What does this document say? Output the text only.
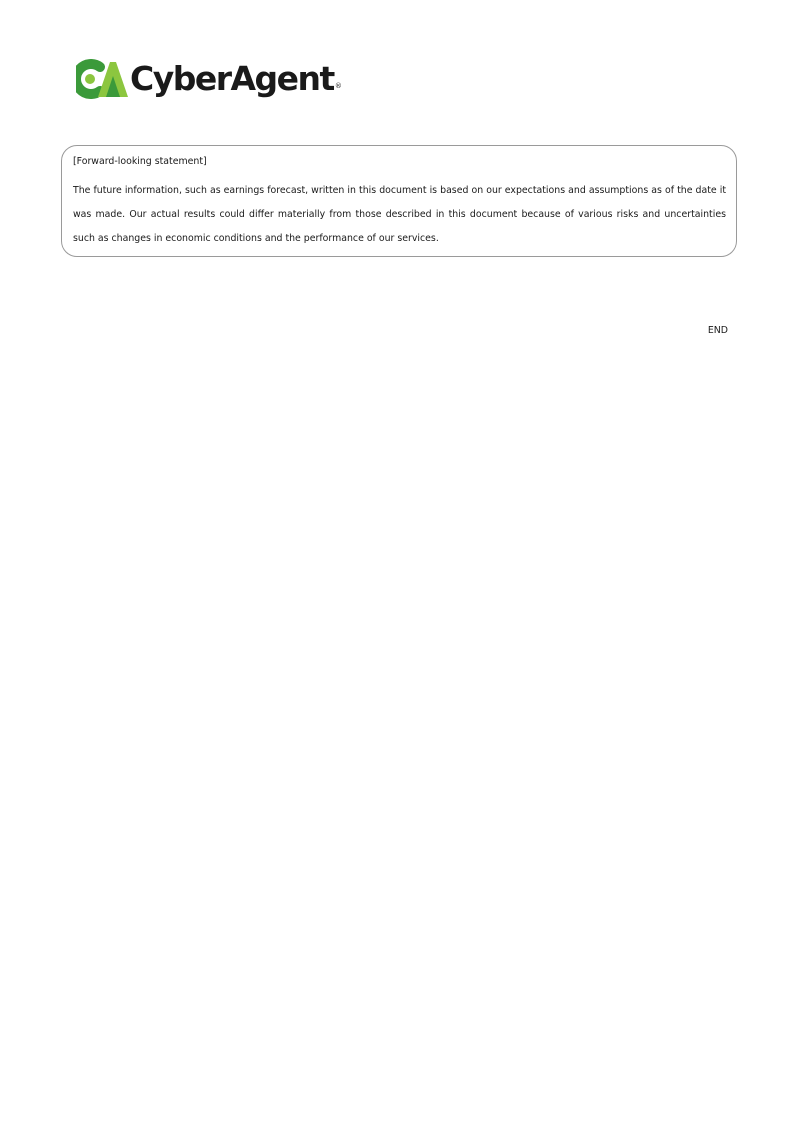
CyberAgent ®

[Forward-looking statement]

The future information, such as earnings forecast, written in this document is based on our expectations and assumptions as of the date it was made. Our actual results could differ materially from those described in this document because of various risks and uncertainties such as changes in economic conditions and the performance of our services.

END
